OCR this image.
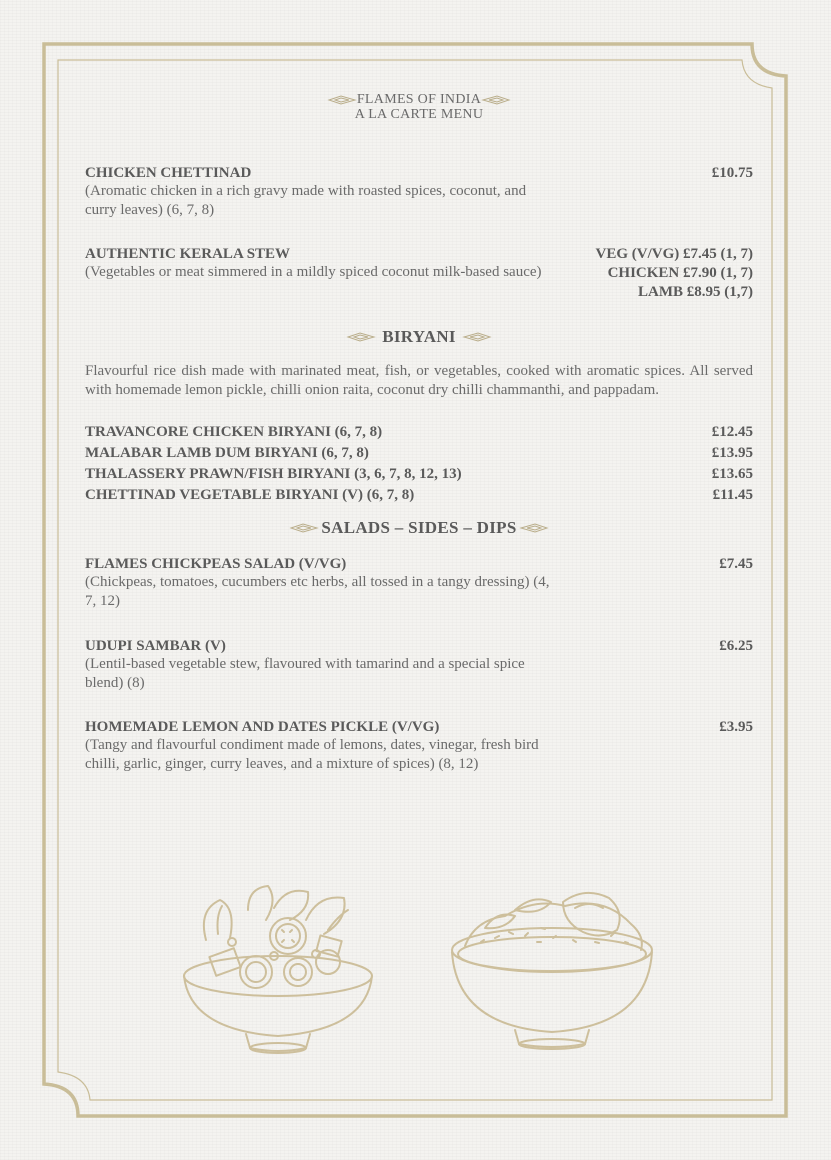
FLAMES OF INDIA
A LA CARTE MENU
CHICKEN CHETTINAD
(Aromatic chicken in a rich gravy made with roasted spices, coconut, and curry leaves) (6, 7, 8)
£10.75
AUTHENTIC KERALA STEW
(Vegetables or meat simmered in a mildly spiced coconut milk-based sauce)
VEG (V/VG) £7.45 (1, 7)
CHICKEN £7.90 (1, 7)
LAMB £8.95 (1,7)
BIRYANI
Flavourful rice dish made with marinated meat, fish, or vegetables, cooked with aromatic spices. All served with homemade lemon pickle, chilli onion raita, coconut dry chilli chammanthi, and pappadam.
TRAVANCORE CHICKEN BIRYANI (6, 7, 8)	£12.45
MALABAR LAMB DUM BIRYANI (6, 7, 8)	£13.95
THALASSERY PRAWN/FISH BIRYANI (3, 6, 7, 8, 12, 13)	£13.65
CHETTINAD VEGETABLE BIRYANI (V) (6, 7, 8)	£11.45
SALADS – SIDES – DIPS
FLAMES CHICKPEAS SALAD (V/VG)
(Chickpeas, tomatoes, cucumbers etc herbs, all tossed in a tangy dressing) (4, 7, 12)
£7.45
UDUPI SAMBAR (V)
(Lentil-based vegetable stew, flavoured with tamarind and a special spice blend) (8)
£6.25
HOMEMADE LEMON AND DATES PICKLE (V/VG)
(Tangy and flavourful condiment made of lemons, dates, vinegar, fresh bird chilli, garlic, ginger, curry leaves, and a mixture of spices) (8, 12)
£3.95
